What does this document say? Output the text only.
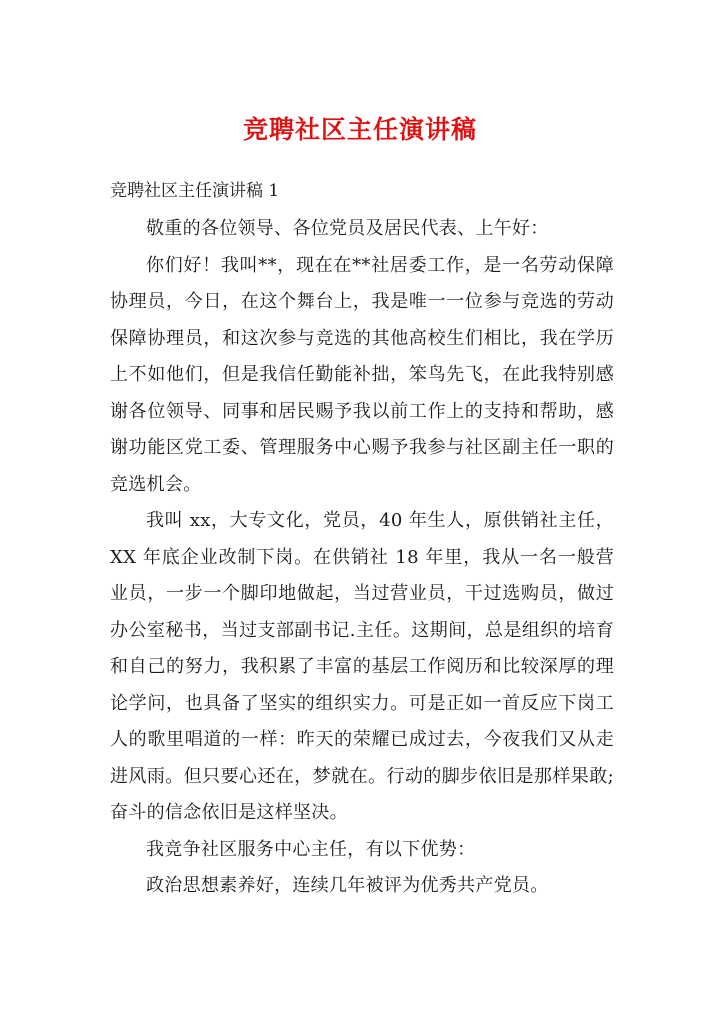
竞聘社区主任演讲稿
竞聘社区主任演讲稿 1

敬重的各位领导、各位党员及居民代表、上午好：

你们好！我叫**，现在在**社居委工作，是一名劳动保障协理员，今日，在这个舞台上，我是唯一一位参与竞选的劳动保障协理员，和这次参与竞选的其他高校生们相比，我在学历上不如他们，但是我信任勤能补拙，笨鸟先飞，在此我特别感谢各位领导、同事和居民赐予我以前工作上的支持和帮助，感谢功能区党工委、管理服务中心赐予我参与社区副主任一职的竞选机会。

我叫 xx，大专文化，党员，40 年生人，原供销社主任，XX 年底企业改制下岗。在供销社 18 年里，我从一名一般营业员，一步一个脚印地做起，当过营业员，干过选购员，做过办公室秘书，当过支部副书记.主任。这期间，总是组织的培育和自己的努力，我积累了丰富的基层工作阅历和比较深厚的理论学问，也具备了坚实的组织实力。可是正如一首反应下岗工人的歌里唱道的一样：昨天的荣耀已成过去，今夜我们又从走进风雨。但只要心还在，梦就在。行动的脚步依旧是那样果敢;奋斗的信念依旧是这样坚决。

我竞争社区服务中心主任，有以下优势：

政治思想素养好，连续几年被评为优秀共产党员。
